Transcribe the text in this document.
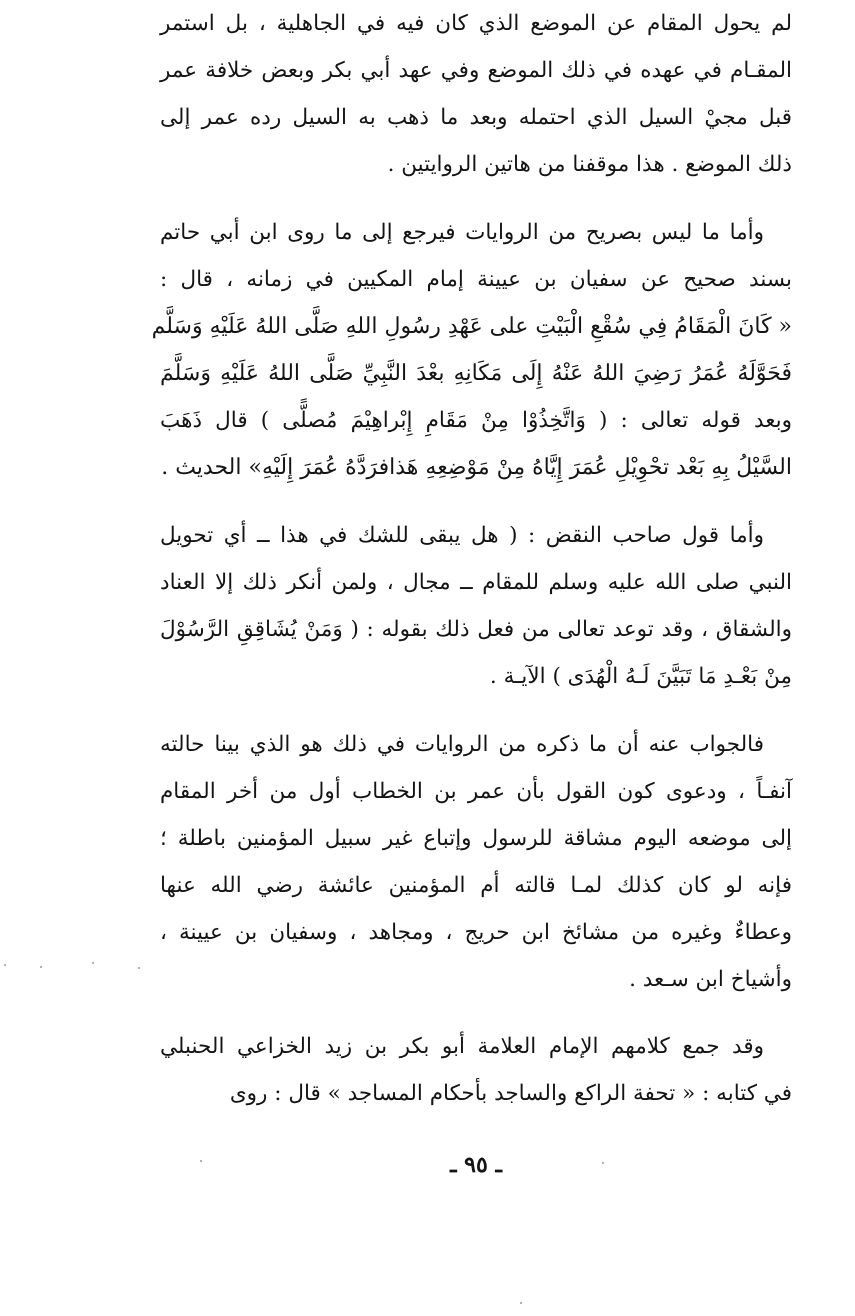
لم يحول المقام عن الموضع الذي كان فيه في الجاهلية ، بل استمر
المقـام في عهده في ذلك الموضع وفي عهد أبي بكر وبعض خلافة عمر
قبل مجيْ السيل الذي احتمله وبعد ما ذهب به السيل رده عمر إلى
ذلك الموضع . هذا موقفنا من هاتين الروايتين .
وأما ما ليس بصريح من الروايات فيرجع إلى ما روى ابن أبي حاتم
بسند صحيح عن سفيان بن عيينة إمام المكيين في زمانه ، قال :
« كَانَ الْمَقَامُ فِي سُقْعِ الْبَيْتِ على عَهْدِ رسُولِ اللهِ صَلَّى اللهُ عَلَيْهِ وَسَلَّم
فَحَوَّلَهُ عُمَرُ رَضِيَ اللهُ عَنْهُ إِلَى مَكَانِهِ بعْدَ النَّبِيِّ صَلَّى اللهُ عَلَيْهِ وَسَلَّمَ
وبعد قوله تعالى : ( وَاتَّخِذُوْا مِنْ مَقَامِ إِبْراهِيْمَ مُصلًّى ) قال ذَهَبَ
السَّيْلُ بِهِ بَعْد تحْوِيْلِ عُمَرَ إِيَّاهُ مِنْ مَوْضِعِهِ هَذافرَدَّهُ عُمَرَ إِلَيْهِ» الحديث .
وأما قول صاحب النقض : ( هل يبقى للشك في هذا ــ أي تحويل
النبي صلى الله عليه وسلم للمقام ــ مجال ، ولمن أنكر ذلك إلا العناد
والشقاق ، وقد توعد تعالى من فعل ذلك بقوله : ( وَمَنْ يُشَاقِقِ الرَّسُوْلَ
مِنْ بَعْـدِ مَا تَبَيَّنَ لَـهُ الْهُدَى ) الآيـة .
فالجواب عنه أن ما ذكره من الروايات في ذلك هو الذي بينا حالته
آنفـاً ، ودعوى كون القول بأن عمر بن الخطاب أول من أخر المقام
إلى موضعه اليوم مشاقة للرسول وإتباع غير سبيل المؤمنين باطلة ؛
فإنه لو كان كذلك لمـا قالته أم المؤمنين عائشة رضي الله عنها
وعطاءٌ وغيره من مشائخ ابن حريج ، ومجاهد ، وسفيان بن عيينة ،
وأشياخ ابن سـعد .
وقد جمع كلامهم الإمام العلامة أبو بكر بن زيد الخزاعي الحنبلي
في كتابه : « تحفة الراكع والساجد بأحكام المساجد » قال : روى
ـ ٩٥ ـ
